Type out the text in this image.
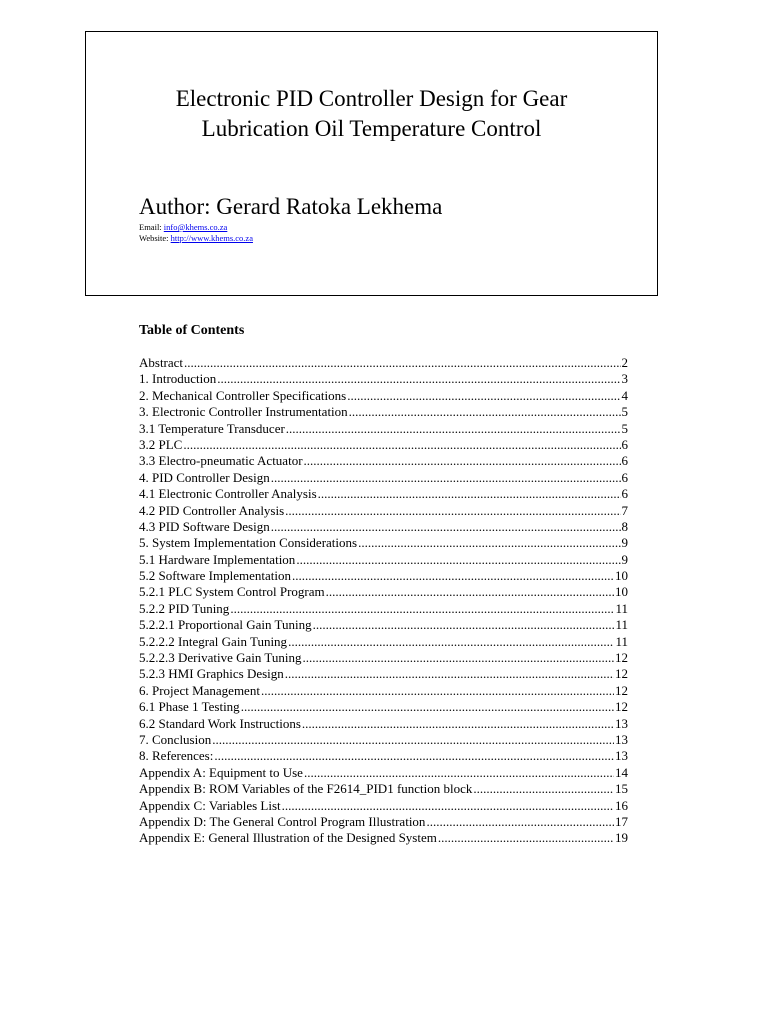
Electronic PID Controller Design for Gear
Lubrication Oil Temperature Control
Author: Gerard Ratoka Lekhema
Email: info@khems.co.za
Website: http://www.khems.co.za
Table of Contents
Abstract .....	2
1. Introduction .....	3
2. Mechanical Controller Specifications .....	4
3. Electronic Controller Instrumentation .....	5
3.1 Temperature Transducer .....	5
3.2 PLC .....	6
3.3 Electro-pneumatic Actuator .....	6
4. PID Controller Design .....	6
4.1 Electronic Controller Analysis .....	6
4.2 PID Controller Analysis .....	7
4.3 PID Software Design .....	8
5. System Implementation Considerations .....	9
5.1 Hardware Implementation .....	9
5.2 Software Implementation .....	10
5.2.1 PLC System Control Program .....	10
5.2.2 PID Tuning .....	11
5.2.2.1 Proportional Gain Tuning .....	11
5.2.2.2 Integral Gain Tuning .....	11
5.2.2.3 Derivative Gain Tuning .....	12
5.2.3 HMI Graphics Design .....	12
6. Project Management .....	12
6.1 Phase 1 Testing .....	12
6.2 Standard Work Instructions .....	13
7. Conclusion .....	13
8. References: .....	13
Appendix A: Equipment to Use .....	14
Appendix B: ROM Variables of the F2614_PID1 function block .....	15
Appendix C: Variables List .....	16
Appendix D: The General Control Program Illustration .....	17
Appendix E: General Illustration of the Designed System .....	19
